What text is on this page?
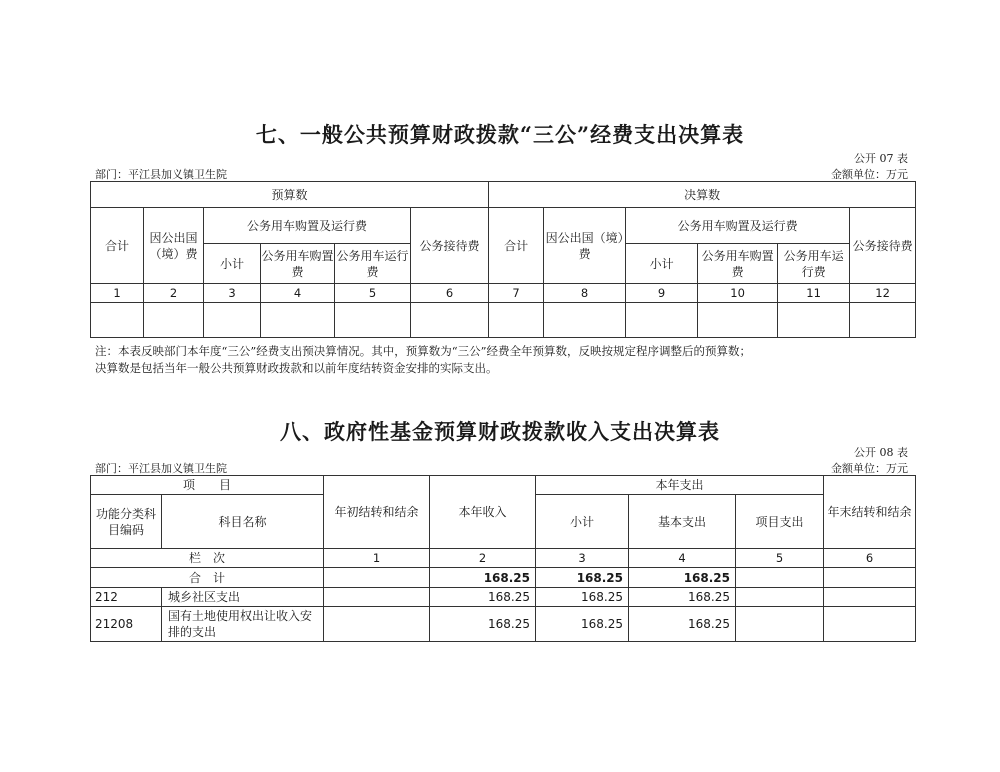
七、一般公共预算财政拨款“三公”经费支出决算表
公开 07 表
部门：平江县加义镇卫生院	金额单位：万元
预算数						决算数					
合计	因公出国（境）费	公务用车购置及运行费			公务接待费	合计	因公出国（境）费	公务用车购置及运行费			公务接待费
		小计	公务用车购置费	公务用车运行费				小计	公务用车购置费	公务用车运行费	
1	2	3	4	5	6	7	8	9	10	11	12

注：本表反映部门本年度“三公”经费支出预决算情况。其中，预算数为“三公”经费全年预算数，反映按规定程序调整后的预算数；
决算数是包括当年一般公共预算财政拨款和以前年度结转资金安排的实际支出。
八、政府性基金预算财政拨款收入支出决算表
公开 08 表
部门：平江县加义镇卫生院	金额单位：万元
项　　目		年初结转和结余	本年收入	本年支出			年末结转和结余
功能分类科目编码	科目名称			小计	基本支出	项目支出	
栏　次		1	2	3	4	5	6
合　计			168.25	168.25	168.25		
212	城乡社区支出		168.25	168.25	168.25		
21208	国有土地使用权出让收入安排的支出		168.25	168.25	168.25		
